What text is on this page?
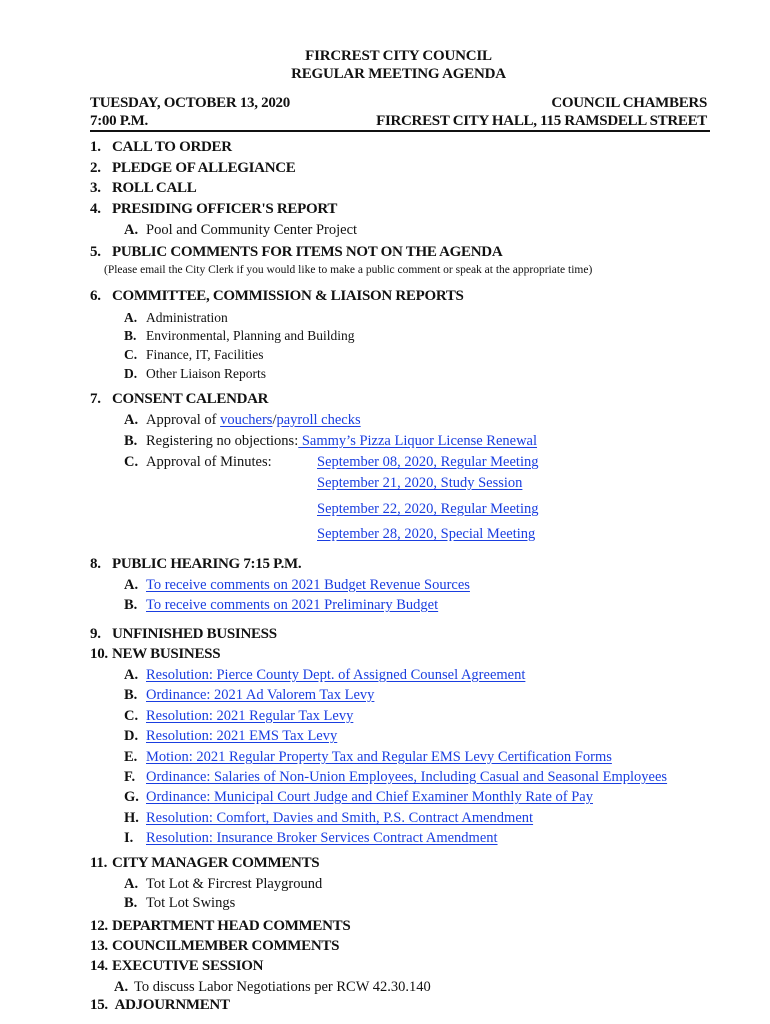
FIRCREST CITY COUNCIL
REGULAR MEETING AGENDA
TUESDAY, OCTOBER 13, 2020
7:00 P.M.
COUNCIL CHAMBERS
FIRCREST CITY HALL, 115 RAMSDELL STREET
1. CALL TO ORDER
2. PLEDGE OF ALLEGIANCE
3. ROLL CALL
4. PRESIDING OFFICER'S REPORT
A. Pool and Community Center Project
5. PUBLIC COMMENTS FOR ITEMS NOT ON THE AGENDA
(Please email the City Clerk if you would like to make a public comment or speak at the appropriate time)
6. COMMITTEE, COMMISSION & LIAISON REPORTS
A. Administration
B. Environmental, Planning and Building
C. Finance, IT, Facilities
D. Other Liaison Reports
7. CONSENT CALENDAR
A. Approval of vouchers/payroll checks
B. Registering no objections: Sammy’s Pizza Liquor License Renewal
C. Approval of Minutes:	September 08, 2020, Regular Meeting
September 21, 2020, Study Session
September 22, 2020, Regular Meeting
September 28, 2020, Special Meeting
8. PUBLIC HEARING 7:15 P.M.
A. To receive comments on 2021 Budget Revenue Sources
B. To receive comments on 2021 Preliminary Budget
9. UNFINISHED BUSINESS
10. NEW BUSINESS
A. Resolution: Pierce County Dept. of Assigned Counsel Agreement
B. Ordinance: 2021 Ad Valorem Tax Levy
C. Resolution: 2021 Regular Tax Levy
D. Resolution: 2021 EMS Tax Levy
E. Motion: 2021 Regular Property Tax and Regular EMS Levy Certification Forms
F. Ordinance: Salaries of Non-Union Employees, Including Casual and Seasonal Employees
G. Ordinance: Municipal Court Judge and Chief Examiner Monthly Rate of Pay
H. Resolution: Comfort, Davies and Smith, P.S. Contract Amendment
I. Resolution: Insurance Broker Services Contract Amendment
11. CITY MANAGER COMMENTS
A. Tot Lot & Fircrest Playground
B. Tot Lot Swings
12. DEPARTMENT HEAD COMMENTS
13. COUNCILMEMBER COMMENTS
14. EXECUTIVE SESSION
A. To discuss Labor Negotiations per RCW 42.30.140
15. ADJOURNMENT
